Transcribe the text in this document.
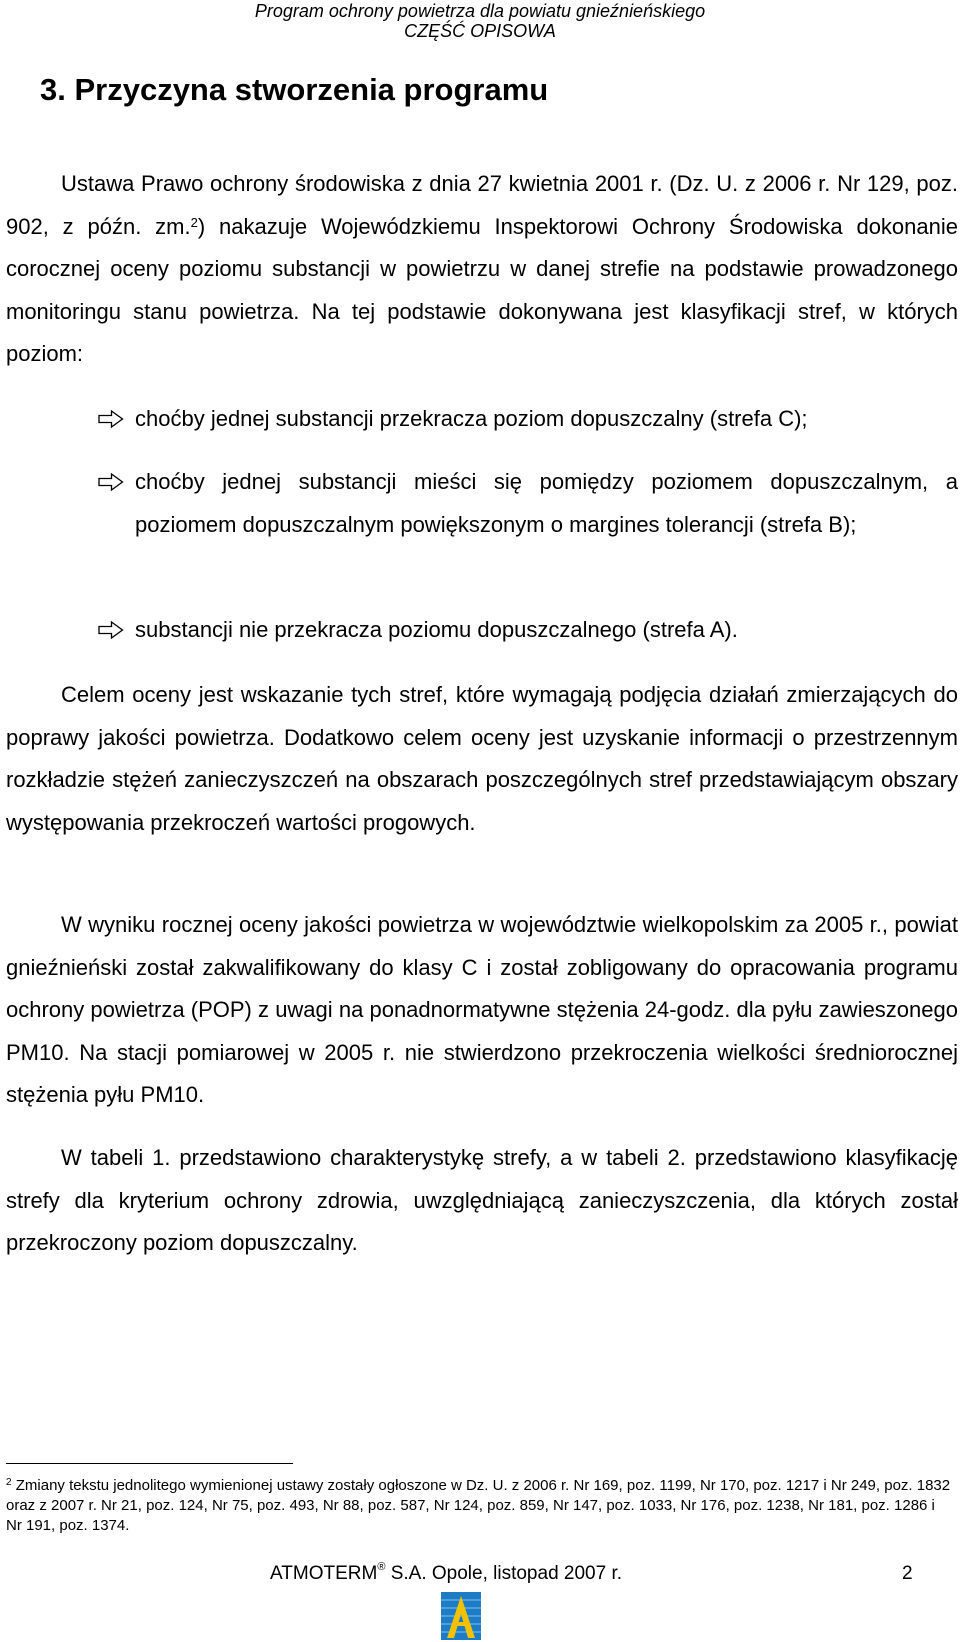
Program ochrony powietrza dla powiatu gnieźnieńskiego
CZĘŚĆ OPISOWA
3. Przyczyna stworzenia programu

Ustawa Prawo ochrony środowiska z dnia 27 kwietnia 2001 r. (Dz. U. z 2006 r. Nr 129, poz. 902, z późn. zm.$^2$) nakazuje Wojewódzkiemu Inspektorowi Ochrony Środowiska dokonanie corocznej oceny poziomu substancji w powietrzu w danej strefie na podstawie prowadzonego monitoringu stanu powietrza. Na tej podstawie dokonywana jest klasyfikacji stref, w których poziom:

choćby jednej substancji przekracza poziom dopuszczalny (strefa C);
choćby jednej substancji mieści się pomiędzy poziomem dopuszczalnym, a poziomem dopuszczalnym powiększonym o margines tolerancji (strefa B);
substancji nie przekracza poziomu dopuszczalnego (strefa A).

Celem oceny jest wskazanie tych stref, które wymagają podjęcia działań zmierzających do poprawy jakości powietrza. Dodatkowo celem oceny jest uzyskanie informacji o przestrzennym rozkładzie stężeń zanieczyszczeń na obszarach poszczególnych stref przedstawiającym obszary występowania przekroczeń wartości progowych.

W wyniku rocznej oceny jakości powietrza w województwie wielkopolskim za 2005 r., powiat gnieźnieński został zakwalifikowany do klasy C i został zobligowany do opracowania programu ochrony powietrza (POP) z uwagi na ponadnormatywne stężenia 24-godz. dla pyłu zawieszonego PM10. Na stacji pomiarowej w 2005 r. nie stwierdzono przekroczenia wielkości średniorocznej stężenia pyłu PM10.

W tabeli 1. przedstawiono charakterystykę strefy, a w tabeli 2. przedstawiono klasyfikację strefy dla kryterium ochrony zdrowia, uwzględniającą zanieczyszczenia, dla których został przekroczony poziom dopuszczalny.

$^2$ Zmiany tekstu jednolitego wymienionej ustawy zostały ogłoszone w Dz. U. z 2006 r. Nr 169, poz. 1199, Nr 170, poz. 1217 i Nr 249, poz. 1832 oraz z 2007 r. Nr 21, poz. 124, Nr 75, poz. 493, Nr 88, poz. 587, Nr 124, poz. 859, Nr 147, poz. 1033, Nr 176, poz. 1238, Nr 181, poz. 1286 i Nr 191, poz. 1374.

ATMOTERM® S.A. Opole, listopad 2007 r.	2
